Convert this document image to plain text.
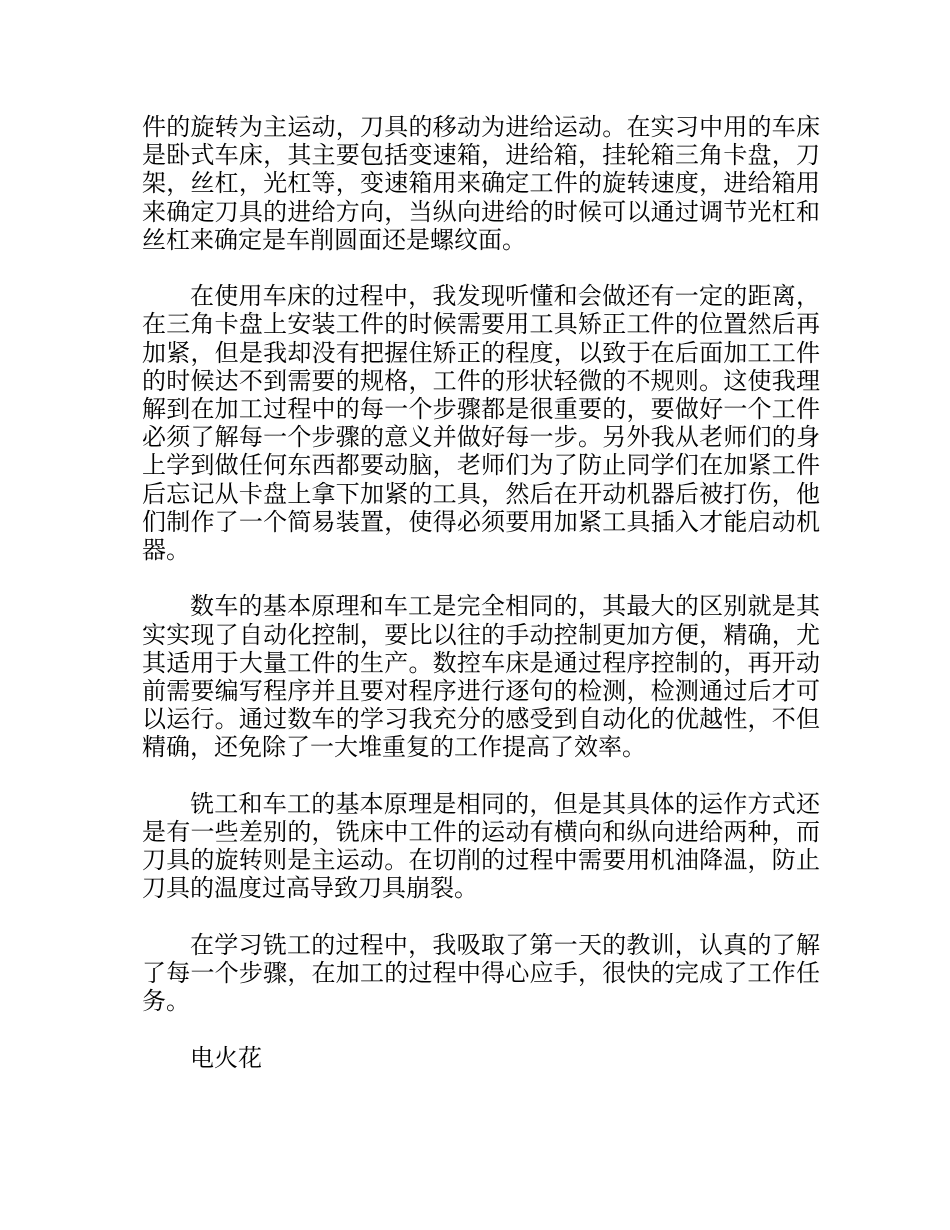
件的旋转为主运动，刀具的移动为进给运动。在实习中用的车床是卧式车床，其主要包括变速箱，进给箱，挂轮箱三角卡盘，刀架，丝杠，光杠等，变速箱用来确定工件的旋转速度，进给箱用来确定刀具的进给方向，当纵向进给的时候可以通过调节光杠和丝杠来确定是车削圆面还是螺纹面。

在使用车床的过程中，我发现听懂和会做还有一定的距离，在三角卡盘上安装工件的时候需要用工具矫正工件的位置然后再加紧，但是我却没有把握住矫正的程度，以致于在后面加工工件的时候达不到需要的规格，工件的形状轻微的不规则。这使我理解到在加工过程中的每一个步骤都是很重要的，要做好一个工件必须了解每一个步骤的意义并做好每一步。另外我从老师们的身上学到做任何东西都要动脑，老师们为了防止同学们在加紧工件后忘记从卡盘上拿下加紧的工具，然后在开动机器后被打伤，他们制作了一个简易装置，使得必须要用加紧工具插入才能启动机器。

数车的基本原理和车工是完全相同的，其最大的区别就是其实实现了自动化控制，要比以往的手动控制更加方便，精确，尤其适用于大量工件的生产。数控车床是通过程序控制的，再开动前需要编写程序并且要对程序进行逐句的检测，检测通过后才可以运行。通过数车的学习我充分的感受到自动化的优越性，不但精确，还免除了一大堆重复的工作提高了效率。

铣工和车工的基本原理是相同的，但是其具体的运作方式还是有一些差别的，铣床中工件的运动有横向和纵向进给两种，而刀具的旋转则是主运动。在切削的过程中需要用机油降温，防止刀具的温度过高导致刀具崩裂。

在学习铣工的过程中，我吸取了第一天的教训，认真的了解了每一个步骤，在加工的过程中得心应手，很快的完成了工作任务。

电火花
